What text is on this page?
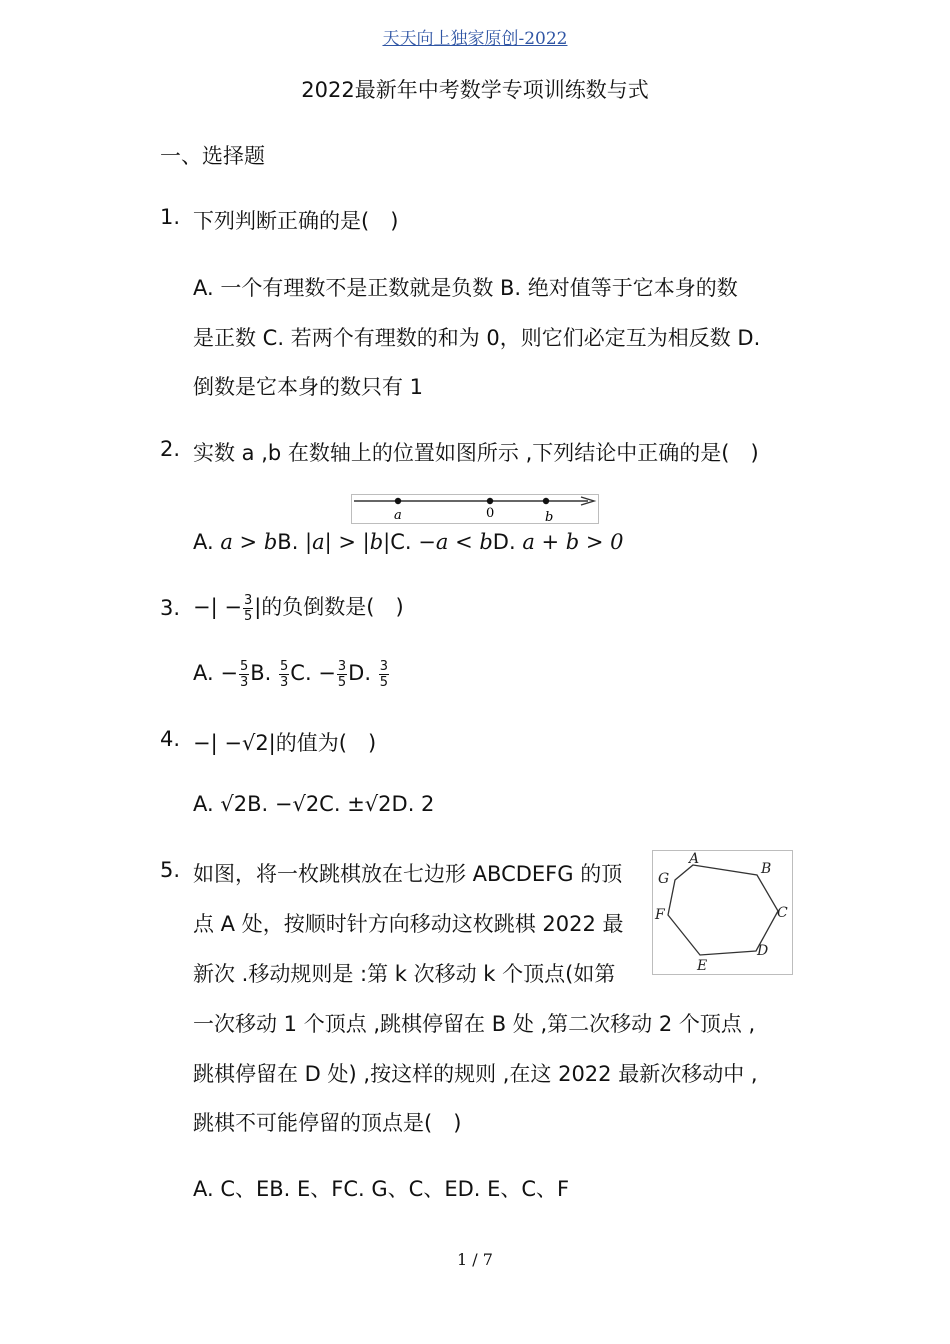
天天向上独家原创-2022
2022最新年中考数学专项训练数与式
一、选择题
1. 下列判断正确的是(　)
A. 一个有理数不是正数就是负数 B. 绝对值等于它本身的数
是正数 C. 若两个有理数的和为 0，则它们必定互为相反数 D.
倒数是它本身的数只有 1
2. 实数 a ,b 在数轴上的位置如图所示 ,下列结论中正确的是(　)
a	0	b
A. a > bB. |a| > |b|C. −a < bD. a + b > 0
3. −| − $\frac{3}{5}$ |的负倒数是(　)
A. − $\frac{5}{3} B$. $\frac{5}{3} C$. − $\frac{3}{5} D$. $\frac{3}{5}$
4. −| −√2|的值为(　)
A. √2B. −√2C. ±√2D. 2
5. 如图，将一枚跳棋放在七边形 ABCDEFG 的顶
点 A 处，按顺时针方向移动这枚跳棋 2022 最
新次 .移动规则是 :第 k 次移动 k 个顶点(如第
一次移动 1 个顶点 ,跳棋停留在 B 处 ,第二次移动 2 个顶点 ,
跳棋停留在 D 处) ,按这样的规则 ,在这 2022 最新次移动中 ,
跳棋不可能停留的顶点是(　)
A
B
C
D
E
F
G
A. C、EB. E、FC. G、C、ED. E、C、F
1 / 7
